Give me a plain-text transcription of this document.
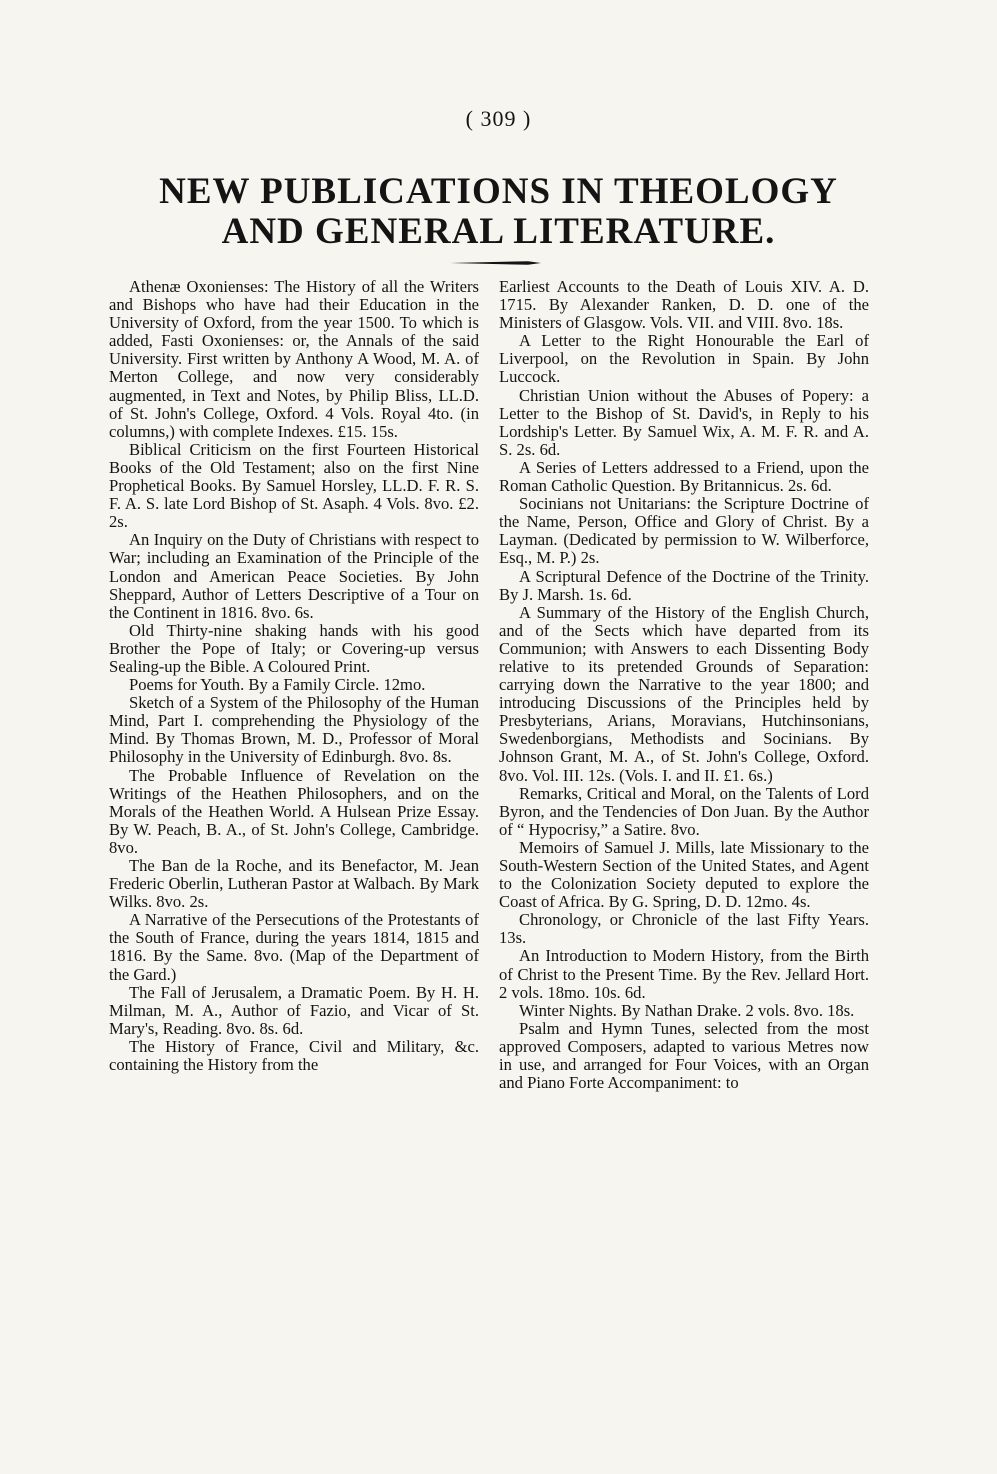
( 309 )
NEW PUBLICATIONS IN THEOLOGY
AND GENERAL LITERATURE.

Athenæ Oxonienses: The History of all the Writers and Bishops who have had their Education in the University of Oxford, from the year 1500. To which is added, Fasti Oxonienses: or, the Annals of the said University. First written by Anthony A Wood, M. A. of Merton College, and now very considerably augmented, in Text and Notes, by Philip Bliss, LL.D. of St. John's College, Oxford. 4 Vols. Royal 4to. (in columns,) with complete Indexes. £15. 15s.

Biblical Criticism on the first Fourteen Historical Books of the Old Testament; also on the first Nine Prophetical Books. By Samuel Horsley, LL.D. F. R. S. F. A. S. late Lord Bishop of St. Asaph. 4 Vols. 8vo. £2. 2s.

An Inquiry on the Duty of Christians with respect to War; including an Examination of the Principle of the London and American Peace Societies. By John Sheppard, Author of Letters Descriptive of a Tour on the Continent in 1816. 8vo. 6s.

Old Thirty-nine shaking hands with his good Brother the Pope of Italy; or Covering-up versus Sealing-up the Bible. A Coloured Print.

Poems for Youth. By a Family Circle. 12mo.

Sketch of a System of the Philosophy of the Human Mind, Part I. comprehending the Physiology of the Mind. By Thomas Brown, M. D., Professor of Moral Philosophy in the University of Edinburgh. 8vo. 8s.

The Probable Influence of Revelation on the Writings of the Heathen Philosophers, and on the Morals of the Heathen World. A Hulsean Prize Essay. By W. Peach, B. A., of St. John's College, Cambridge. 8vo.

The Ban de la Roche, and its Benefactor, M. Jean Frederic Oberlin, Lutheran Pastor at Walbach. By Mark Wilks. 8vo. 2s.

A Narrative of the Persecutions of the Protestants of the South of France, during the years 1814, 1815 and 1816. By the Same. 8vo. (Map of the Department of the Gard.)

The Fall of Jerusalem, a Dramatic Poem. By H. H. Milman, M. A., Author of Fazio, and Vicar of St. Mary's, Reading. 8vo. 8s. 6d.

The History of France, Civil and Military, &c. containing the History from the

Earliest Accounts to the Death of Louis XIV. A. D. 1715. By Alexander Ranken, D. D. one of the Ministers of Glasgow. Vols. VII. and VIII. 8vo. 18s.

A Letter to the Right Honourable the Earl of Liverpool, on the Revolution in Spain. By John Luccock.

Christian Union without the Abuses of Popery: a Letter to the Bishop of St. David's, in Reply to his Lordship's Letter. By Samuel Wix, A. M. F. R. and A. S. 2s. 6d.

A Series of Letters addressed to a Friend, upon the Roman Catholic Question. By Britannicus. 2s. 6d.

Socinians not Unitarians: the Scripture Doctrine of the Name, Person, Office and Glory of Christ. By a Layman. (Dedicated by permission to W. Wilberforce, Esq., M. P.) 2s.

A Scriptural Defence of the Doctrine of the Trinity. By J. Marsh. 1s. 6d.

A Summary of the History of the English Church, and of the Sects which have departed from its Communion; with Answers to each Dissenting Body relative to its pretended Grounds of Separation: carrying down the Narrative to the year 1800; and introducing Discussions of the Principles held by Presbyterians, Arians, Moravians, Hutchinsonians, Swedenborgians, Methodists and Socinians. By Johnson Grant, M. A., of St. John's College, Oxford. 8vo. Vol. III. 12s. (Vols. I. and II. £1. 6s.)

Remarks, Critical and Moral, on the Talents of Lord Byron, and the Tendencies of Don Juan. By the Author of “ Hypocrisy,” a Satire. 8vo.

Memoirs of Samuel J. Mills, late Missionary to the South-Western Section of the United States, and Agent to the Colonization Society deputed to explore the Coast of Africa. By G. Spring, D. D. 12mo. 4s.

Chronology, or Chronicle of the last Fifty Years. 13s.

An Introduction to Modern History, from the Birth of Christ to the Present Time. By the Rev. Jellard Hort. 2 vols. 18mo. 10s. 6d.

Winter Nights. By Nathan Drake. 2 vols. 8vo. 18s.

Psalm and Hymn Tunes, selected from the most approved Composers, adapted to various Metres now in use, and arranged for Four Voices, with an Organ and Piano Forte Accompaniment: to
